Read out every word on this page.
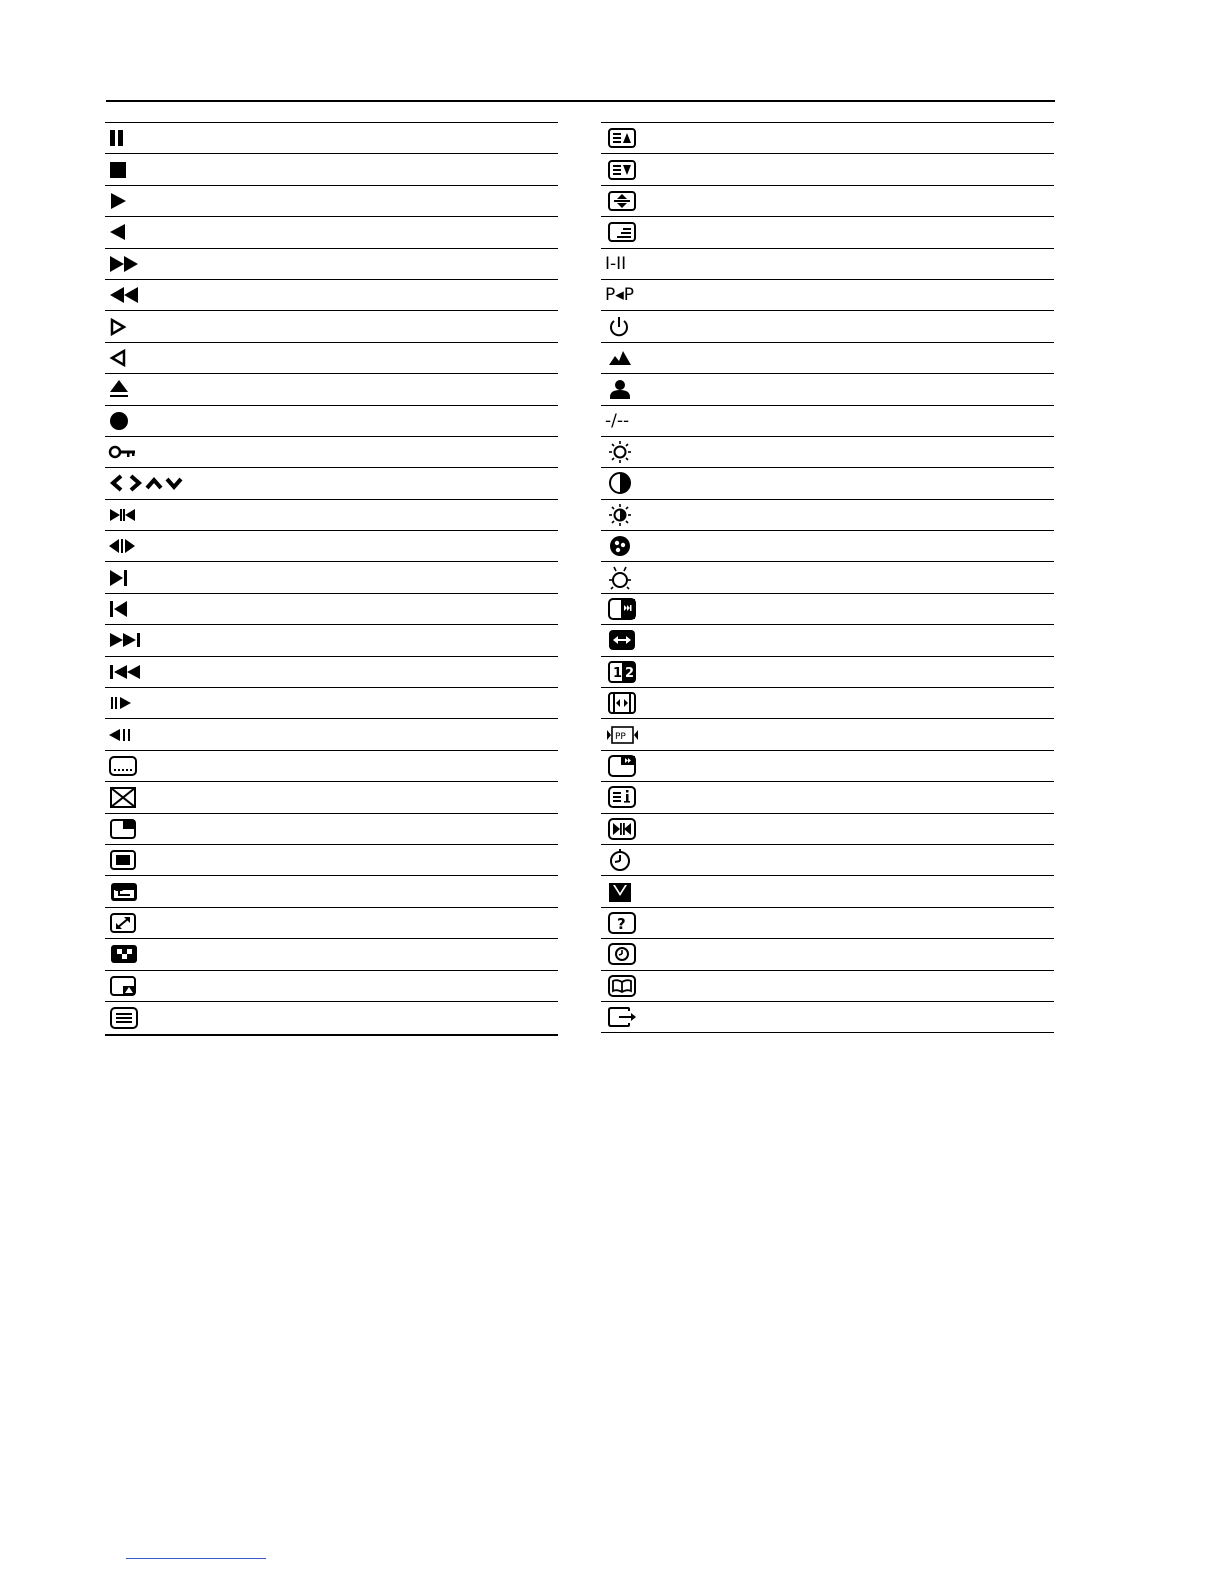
I-II
P◂P
-/--
1 2
PP
?
